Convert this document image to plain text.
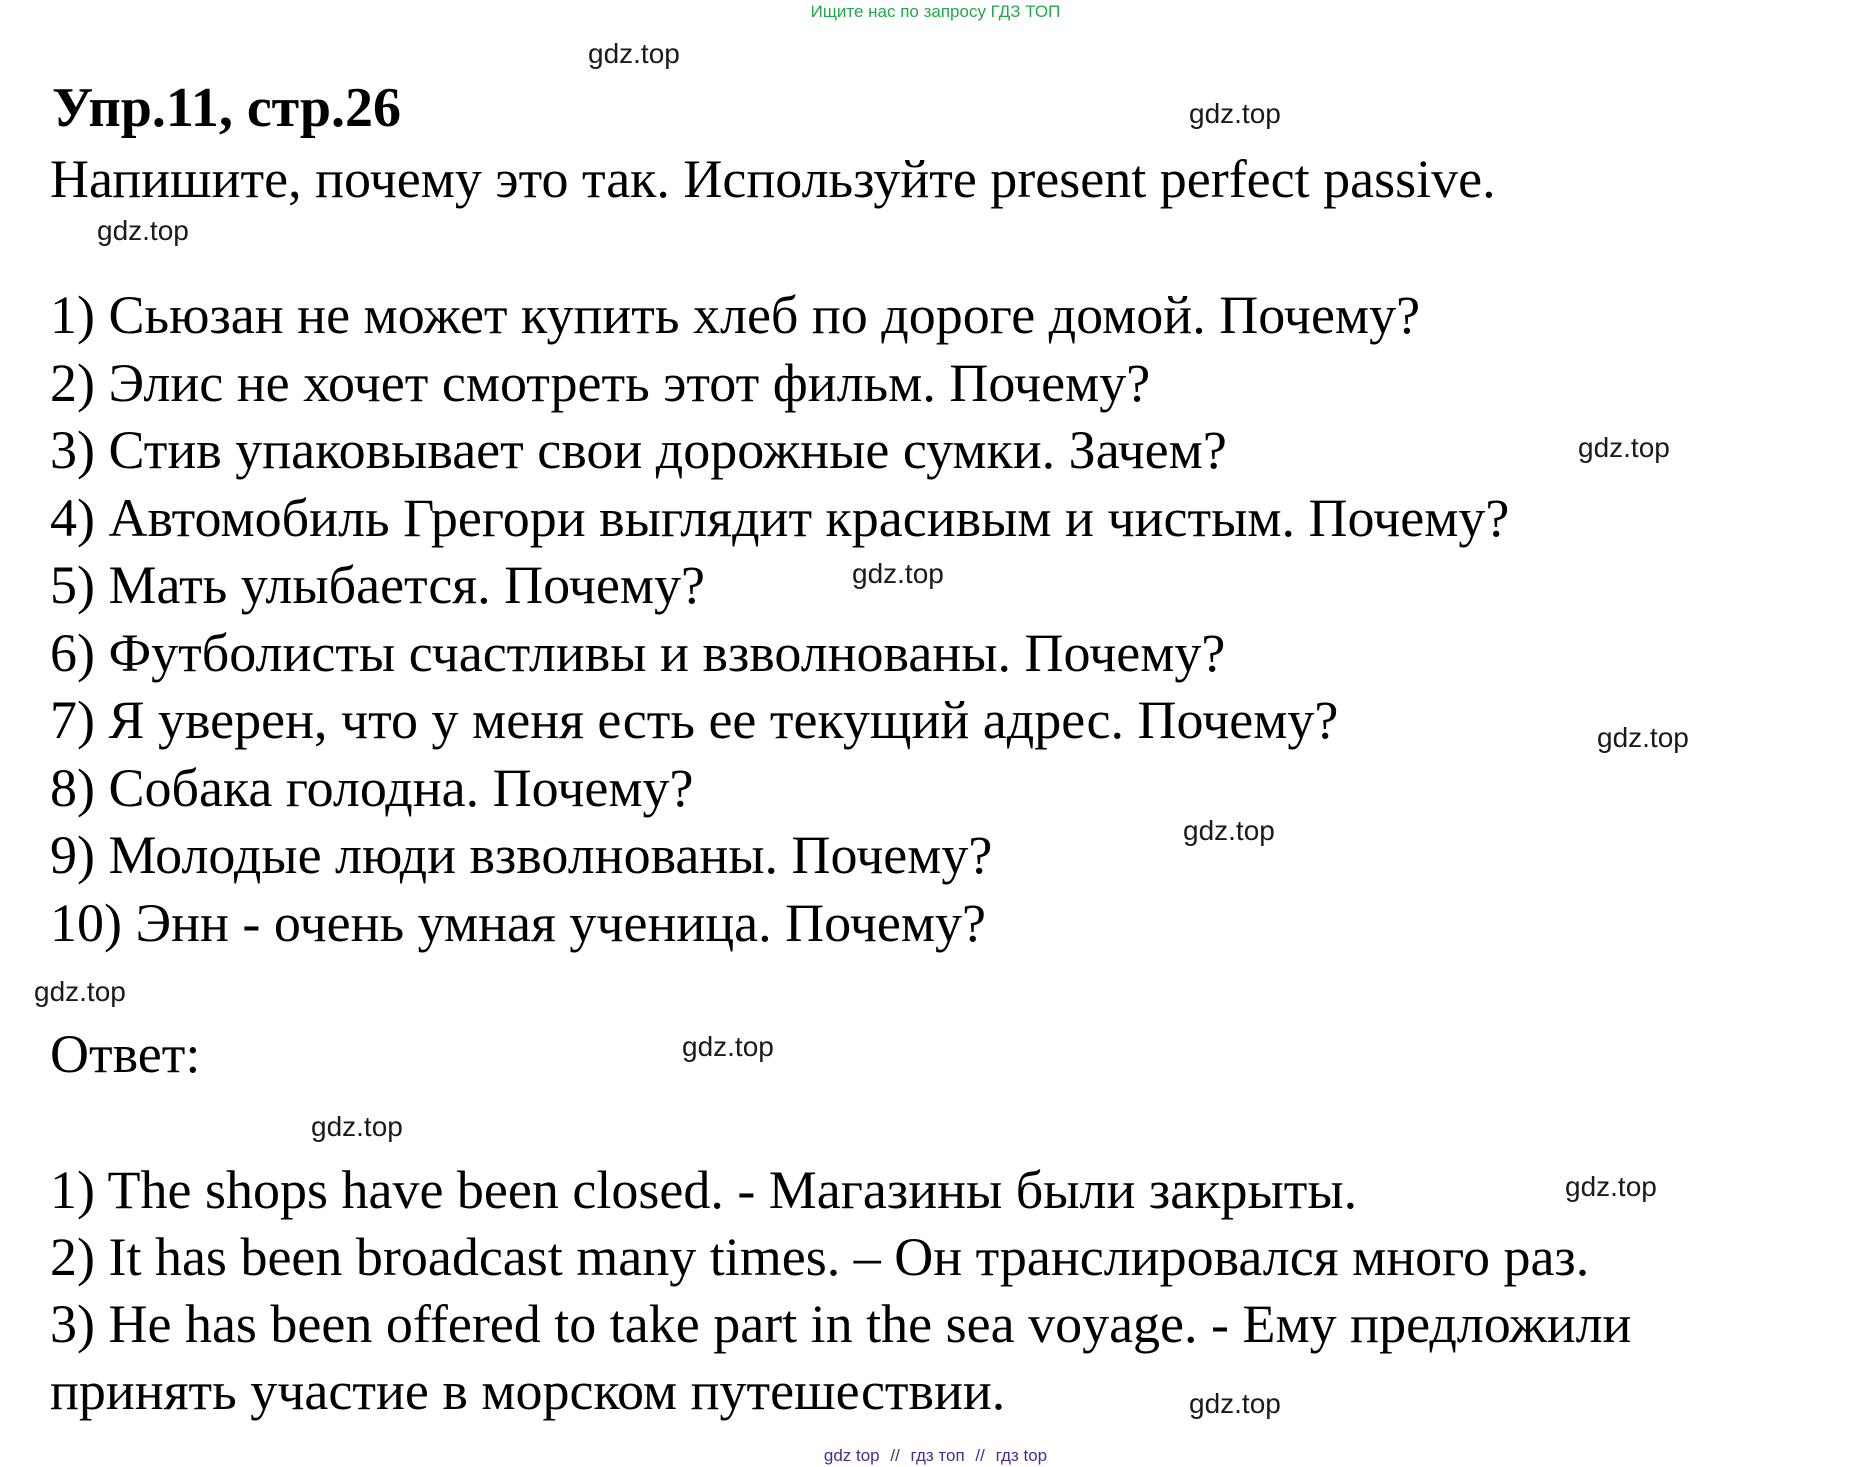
Ищите нас по запросу ГДЗ ТОП
gdz.top
Упр.11, стр.26	gdz.top
Напишите, почему это так. Используйте present perfect passive.
gdz.top
1) Сьюзан не может купить хлеб по дороге домой. Почему?
2) Элис не хочет смотреть этот фильм. Почему?
3) Стив упаковывает свои дорожные сумки. Зачем?
4) Автомобиль Грегори выглядит красивым и чистым. Почему?
5) Мать улыбается. Почему?
6) Футболисты счастливы и взволнованы. Почему?
7) Я уверен, что у меня есть ее текущий адрес. Почему?
8) Собака голодна. Почему?
9) Молодые люди взволнованы. Почему?
10) Энн - очень умная ученица. Почему?
gdz.top
gdz.top
gdz.top
gdz.top
gdz.top
Ответ:	gdz.top
gdz.top
1) The shops have been closed. - Магазины были закрыты.
2) It has been broadcast many times. – Он транслировался много раз.
3) He has been offered to take part in the sea voyage. - Ему предложили
принять участие в морском путешествии.
gdz.top
gdz.top
gdz top // гдз топ // гдз top
